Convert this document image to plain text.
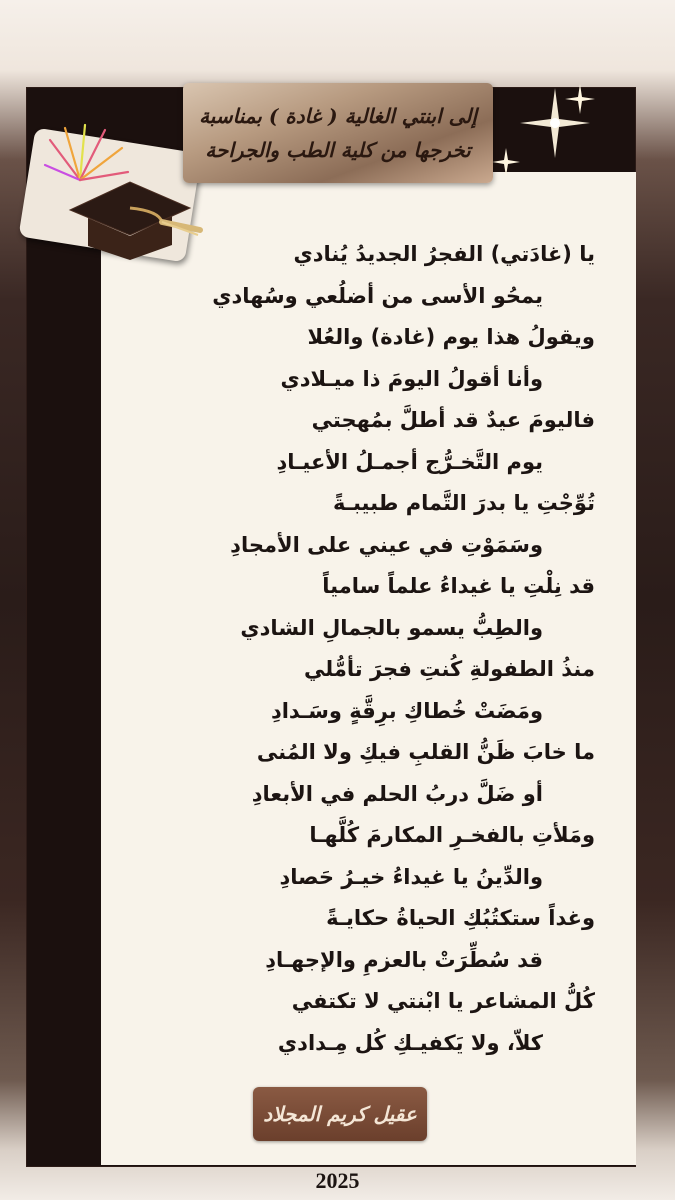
إلى ابنتي الغالية ( غادة ) بمناسبة
تخرجها من كلية الطب والجراحة
يا (غادَتي) الفجرُ الجديدُ يُنادي
يمحُو الأسى من أضلُعي وسُهادي
ويقولُ هذا يوم (غادة) والعُلا
وأنا أقولُ اليومَ ذا ميـلادي
فاليومَ عيدٌ قد أطلَّ بمُهجتي
يوم التَّخـرُّج أجمـلُ الأعيـادِ
تُوِّجْتِ يا بدرَ التَّمام طبيبـةً
وسَمَوْتِ في عيني على الأمجادِ
قد نِلْتِ يا غيداءُ علماً سامياً
والطِبُّ يسمو بالجمالِ الشادي
منذُ الطفولةِ كُنتِ فجرَ تأمُّلي
ومَضَتْ خُطاكِ برِقَّةٍ وسَـدادِ
ما خابَ ظَنُّ القلبِ فيكِ ولا المُنى
أو ضَلَّ دربُ الحلم في الأبعادِ
ومَلأتِ بالفخـرِ المكارمَ كُلَّهـا
والدِّينُ يا غيداءُ خيـرُ حَصادِ
وغداً ستكتُبُكِ الحياةُ حكايـةً
قد سُطِّرَتْ بالعزمِ والإجهـادِ
كُلُّ المشاعر يا ابْنتي لا تكتفي
كلاّ، ولا يَكفيـكِ كُل مِـدادي
عقيل كريم المجلاد
2025
